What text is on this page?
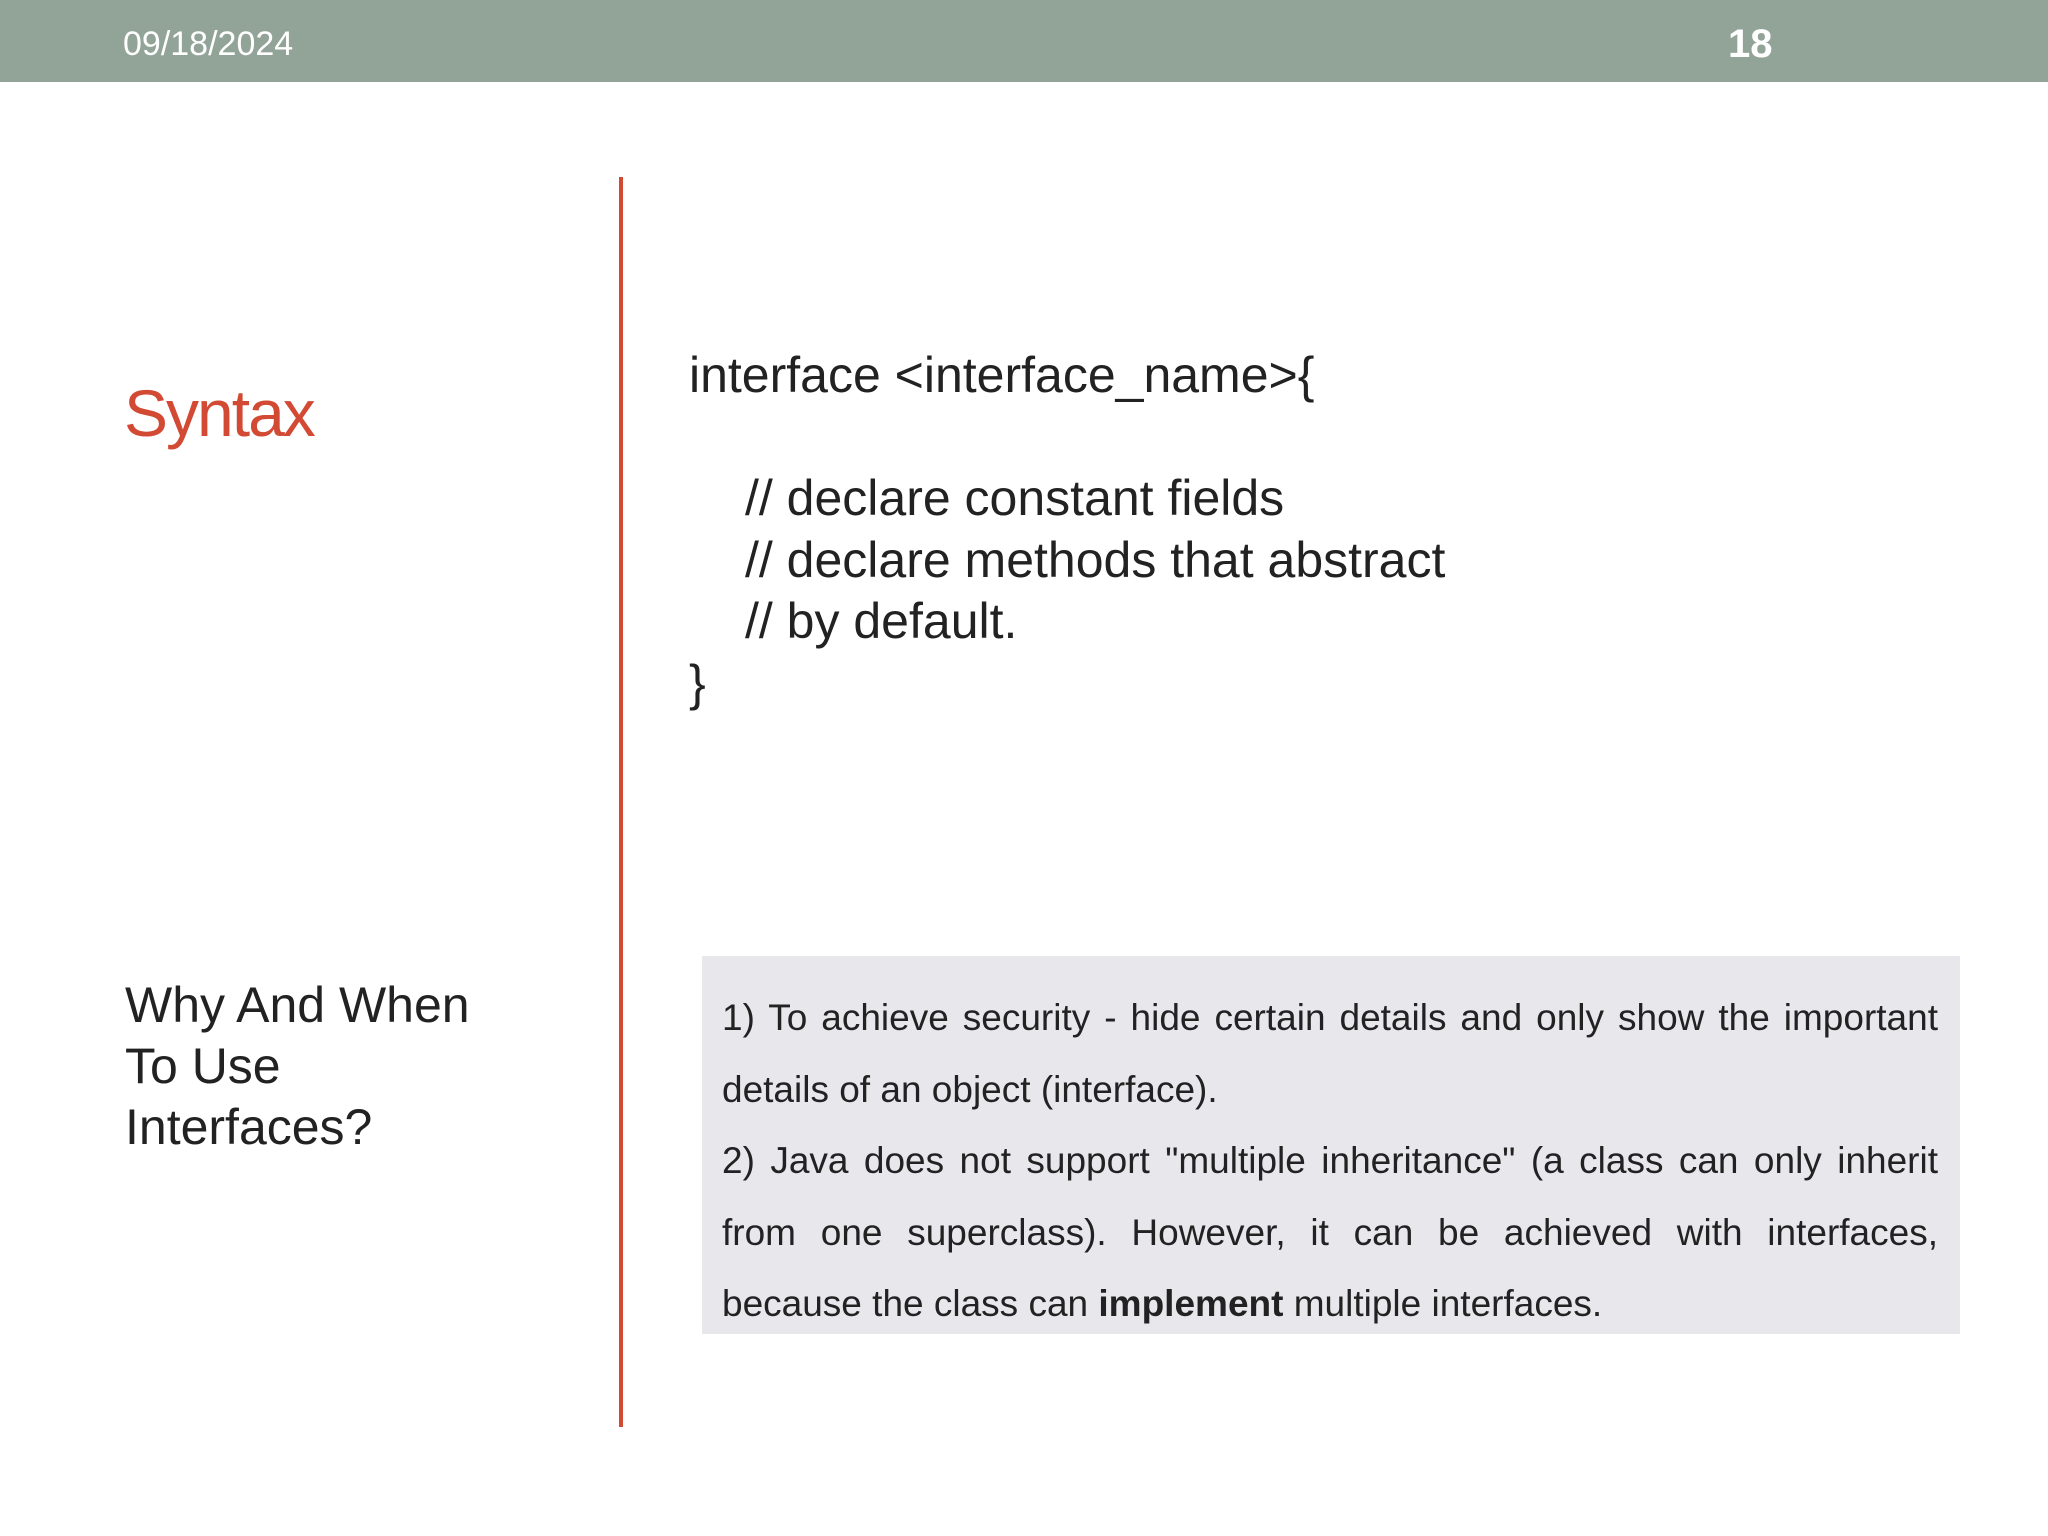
09/18/2024	18
Syntax
Why And When
To Use
Interfaces?
interface <interface_name>{
// declare constant fields
// declare methods that abstract
// by default.
}

1) To achieve security - hide certain details and only show the important details of an object (interface).

2) Java does not support "multiple inheritance" (a class can only inherit from one superclass). However, it can be achieved with interfaces, because the class can implement multiple interfaces.
